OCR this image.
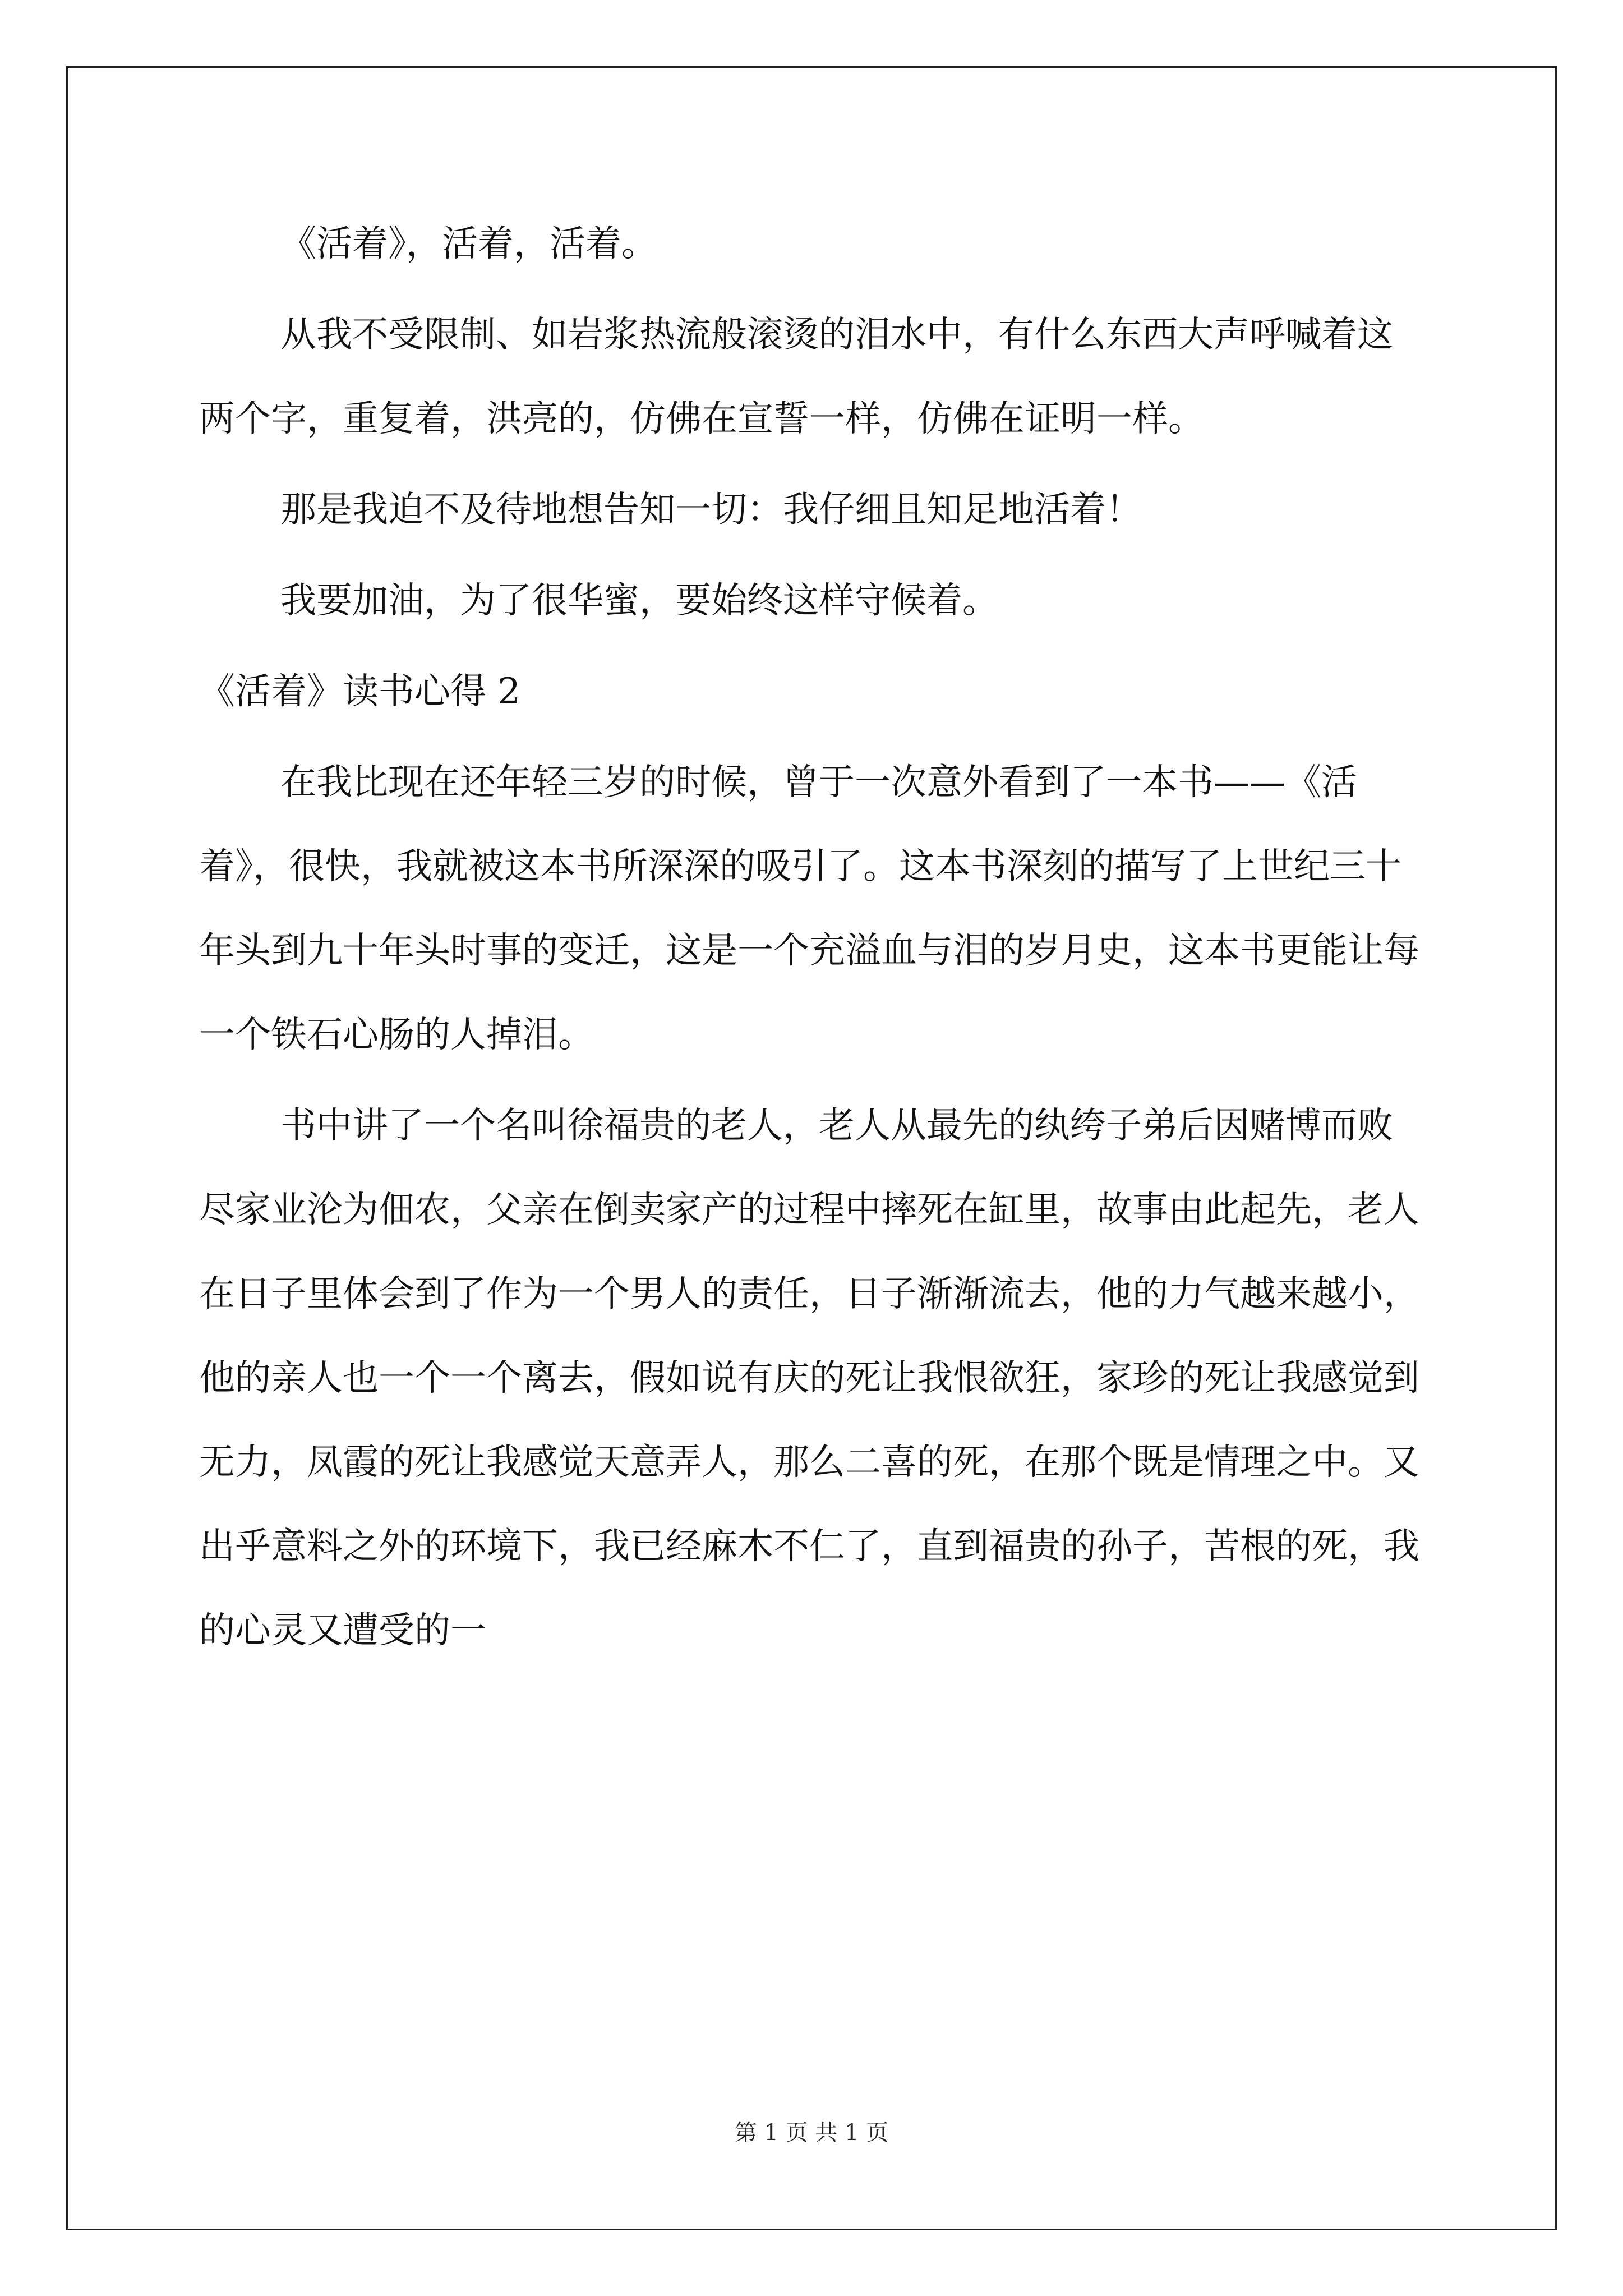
《活着》，活着，活着。

从我不受限制、如岩浆热流般滚烫的泪水中，有什么东西大声呼喊着这两个字，重复着，洪亮的，仿佛在宣誓一样，仿佛在证明一样。

那是我迫不及待地想告知一切：我仔细且知足地活着！

我要加油，为了很华蜜，要始终这样守候着。

《活着》读书心得 2

在我比现在还年轻三岁的时候，曾于一次意外看到了一本书——《活着》，很快，我就被这本书所深深的吸引了。这本书深刻的描写了上世纪三十年头到九十年头时事的变迁，这是一个充溢血与泪的岁月史，这本书更能让每一个铁石心肠的人掉泪。

书中讲了一个名叫徐福贵的老人，老人从最先的纨绔子弟后因赌博而败尽家业沦为佃农，父亲在倒卖家产的过程中摔死在缸里，故事由此起先，老人在日子里体会到了作为一个男人的责任，日子渐渐流去，他的力气越来越小，他的亲人也一个一个离去，假如说有庆的死让我恨欲狂，家珍的死让我感觉到无力，凤霞的死让我感觉天意弄人，那么二喜的死，在那个既是情理之中。又出乎意料之外的环境下，我已经麻木不仁了，直到福贵的孙子，苦根的死，我的心灵又遭受的一

第 1 页 共 1 页
